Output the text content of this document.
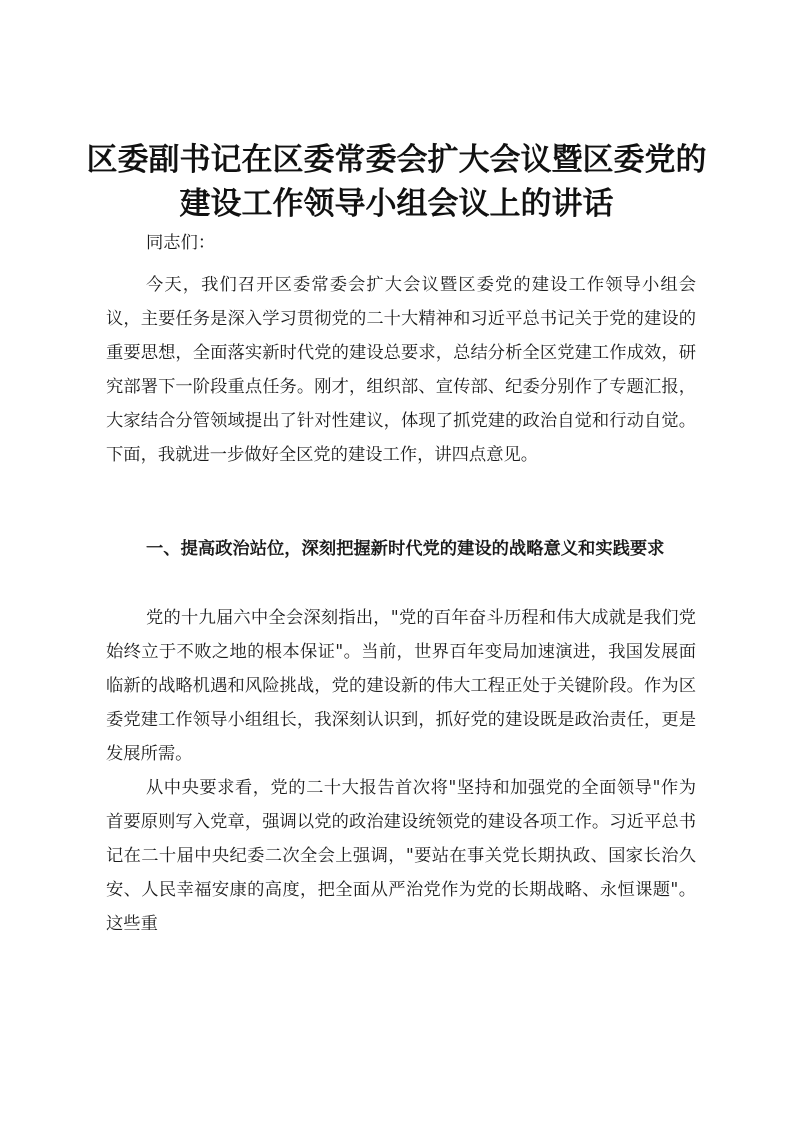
区委副书记在区委常委会扩大会议暨区委党的
建设工作领导小组会议上的讲话
同志们：
今天，我们召开区委常委会扩大会议暨区委党的建设工作领导小组会议，主要任务是深入学习贯彻党的二十大精神和习近平总书记关于党的建设的重要思想，全面落实新时代党的建设总要求，总结分析全区党建工作成效，研究部署下一阶段重点任务。刚才，组织部、宣传部、纪委分别作了专题汇报，大家结合分管领域提出了针对性建议，体现了抓党建的政治自觉和行动自觉。下面，我就进一步做好全区党的建设工作，讲四点意见。
一、提高政治站位，深刻把握新时代党的建设的战略意义和实践要求
党的十九届六中全会深刻指出，"党的百年奋斗历程和伟大成就是我们党始终立于不败之地的根本保证"。当前，世界百年变局加速演进，我国发展面临新的战略机遇和风险挑战，党的建设新的伟大工程正处于关键阶段。作为区委党建工作领导小组组长，我深刻认识到，抓好党的建设既是政治责任，更是发展所需。
从中央要求看，党的二十大报告首次将"坚持和加强党的全面领导"作为首要原则写入党章，强调以党的政治建设统领党的建设各项工作。习近平总书记在二十届中央纪委二次全会上强调，"要站在事关党长期执政、国家长治久安、人民幸福安康的高度，把全面从严治党作为党的长期战略、永恒课题"。这些重
